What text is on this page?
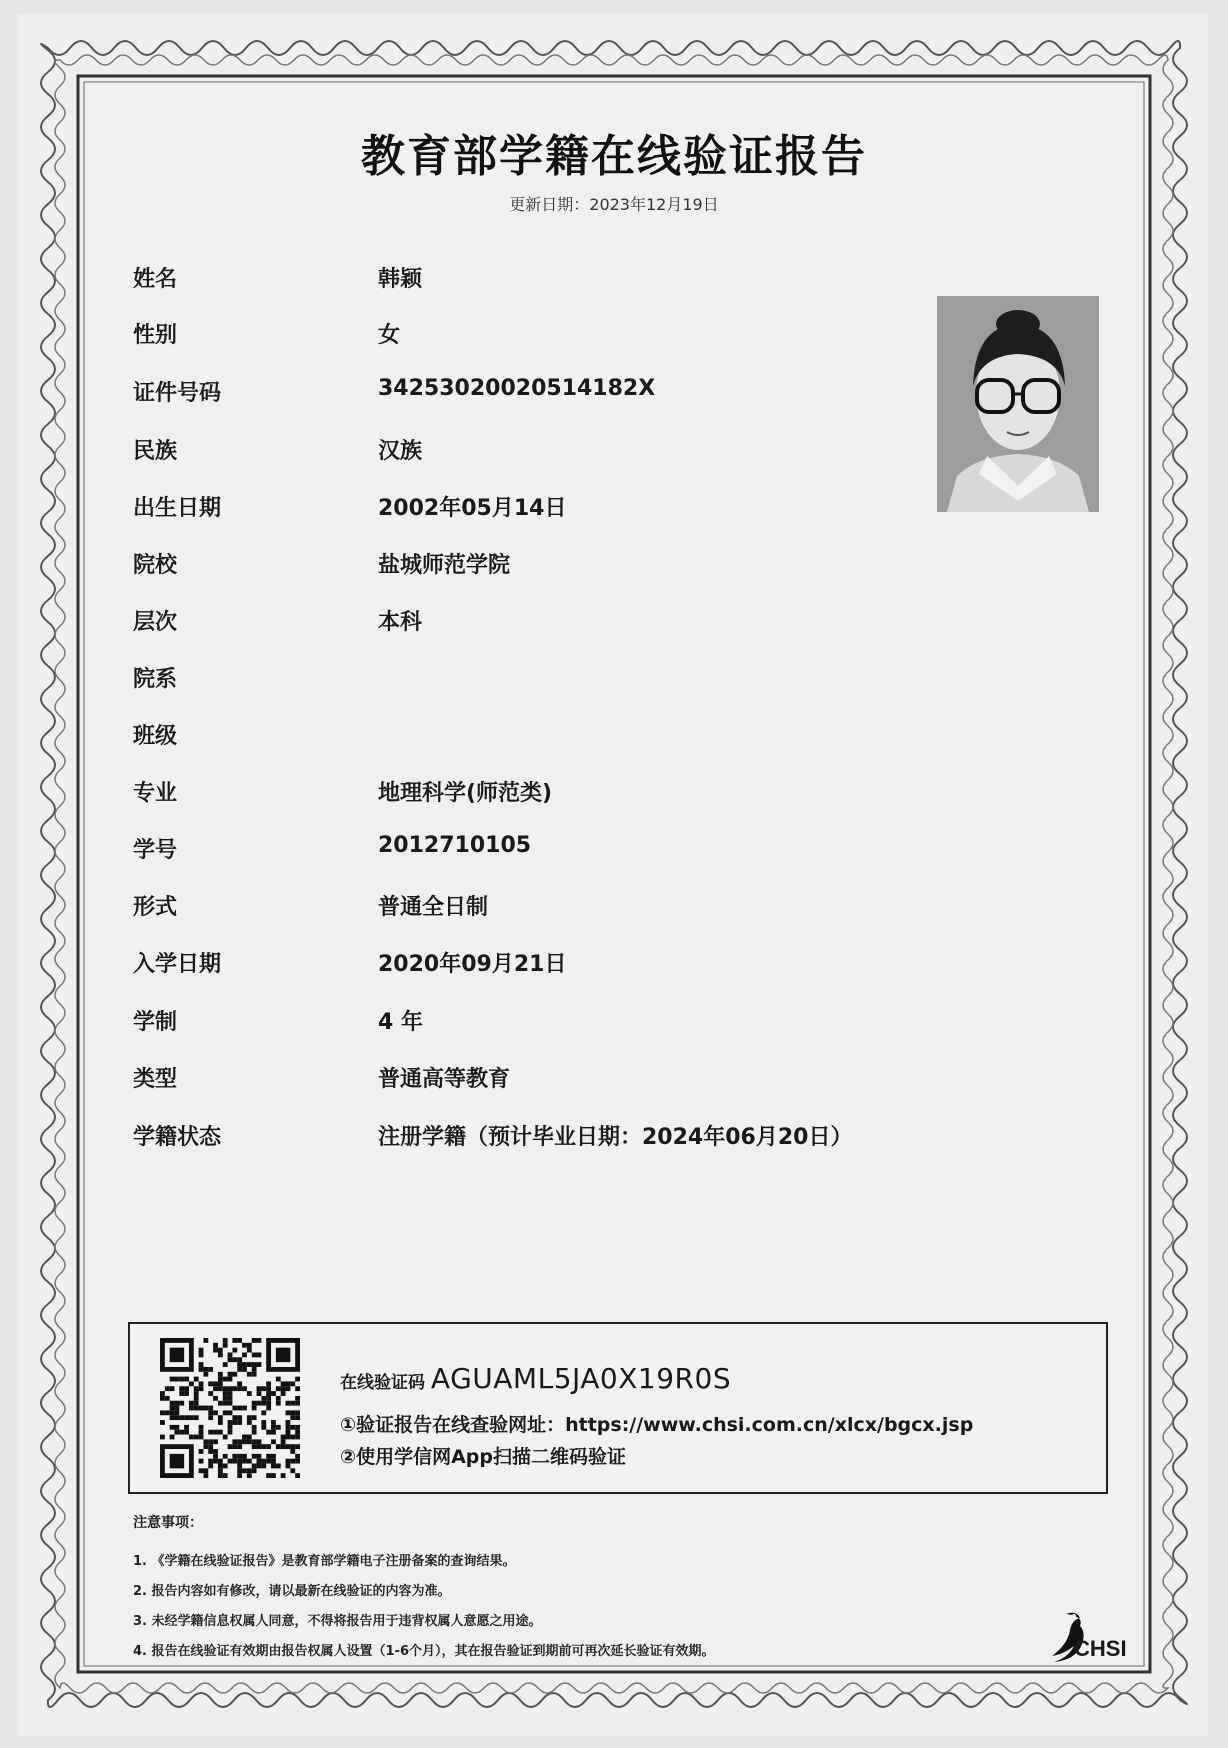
教育部学籍在线验证报告
更新日期：2023年12月19日
姓名	韩颖
性别	女
证件号码	34253020020514182X
民族	汉族
出生日期	2002年05月14日
院校	盐城师范学院
层次	本科
院系
班级
专业	地理科学(师范类)
学号	2012710105
形式	普通全日制
入学日期	2020年09月21日
学制	4 年
类型	普通高等教育
学籍状态	注册学籍（预计毕业日期：2024年06月20日）
在线验证码 AGUAML5JA0X19R0S
①验证报告在线查验网址：https://www.chsi.com.cn/xlcx/bgcx.jsp
②使用学信网App扫描二维码验证
注意事项：
1. 《学籍在线验证报告》是教育部学籍电子注册备案的查询结果。
2. 报告内容如有修改，请以最新在线验证的内容为准。
3. 未经学籍信息权属人同意，不得将报告用于违背权属人意愿之用途。
4. 报告在线验证有效期由报告权属人设置（1-6个月），其在报告验证到期前可再次延长验证有效期。	CHSI
